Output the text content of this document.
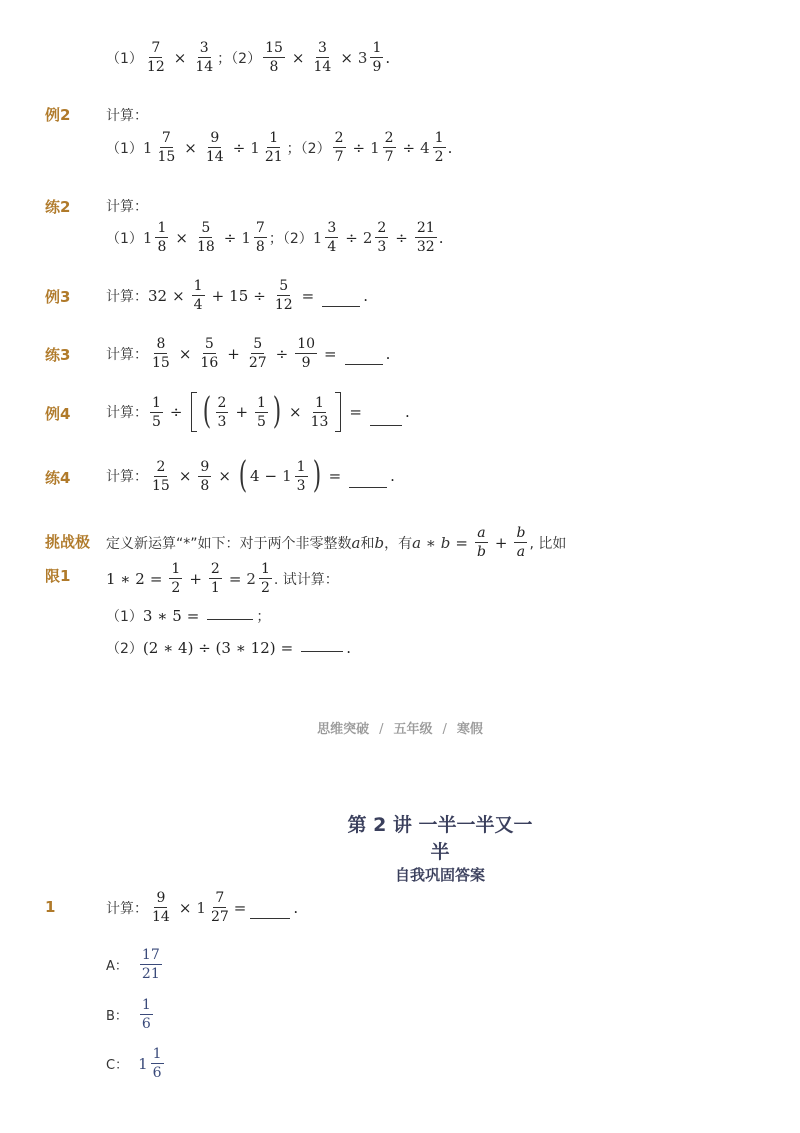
$(1) \frac{7}{12} \times \frac{3}{14}$ ；$(2) \frac{15}{8} \times \frac{3}{14} \times 3 \frac{1}{9}$ .
例2	计算：
（1） $1 \frac{7}{15} \times \frac{9}{14} \div 1 \frac{1}{21}$ ；$(2) \frac{2}{7} \div 1 \frac{2}{7} \div 4 \frac{1}{2}$ .
练2	计算：
（1） $1 \frac{1}{8} \times \frac{5}{18} \div 1 \frac{7}{8}$ ；（2） $1 \frac{3}{4} \div 2 \frac{2}{3} \div \frac{21}{32}$ .
例3	计算： $32 \times \frac{1}{4} + 15 \div \frac{5}{12}$ =	.
练3	计算： $\frac{8}{15} \times \frac{5}{16} + \frac{5}{27} \div \frac{10}{9}$ =	.
例4	计算： $\frac{1}{5}$ ÷ ( $\frac{2}{3} + \frac{1}{5}$ ) × $\frac{1}{13}$ =	.
练4	计算： $\frac{2}{15} \times \frac{9}{8}$ × ( $4 - 1 \frac{1}{3}$ ) =	.
挑战极
限1
定义新运算“*”如下：对于两个非零整数 a 和 b ，有 a ∗ $b = \frac{a}{b} + \frac{b}{a}$ , 比如
1 ∗ $2 = \frac{1}{2} + \frac{2}{1} = 2 \frac{1}{2}$ . 试计算：
（1） 3 ∗ 5 =	；
（2） (2 ∗ 4) ÷ (3 ∗ 12) =	.
思维突破 / 五年级 / 寒假
第 2 讲 一半一半又一半
自我巩固答案
1	计算： $\frac{9}{14} \times 1 \frac{7}{27}$ =	.
A： $\frac{17}{21}$
B： $\frac{1}{6}$
C： $1 \frac{1}{6}$
